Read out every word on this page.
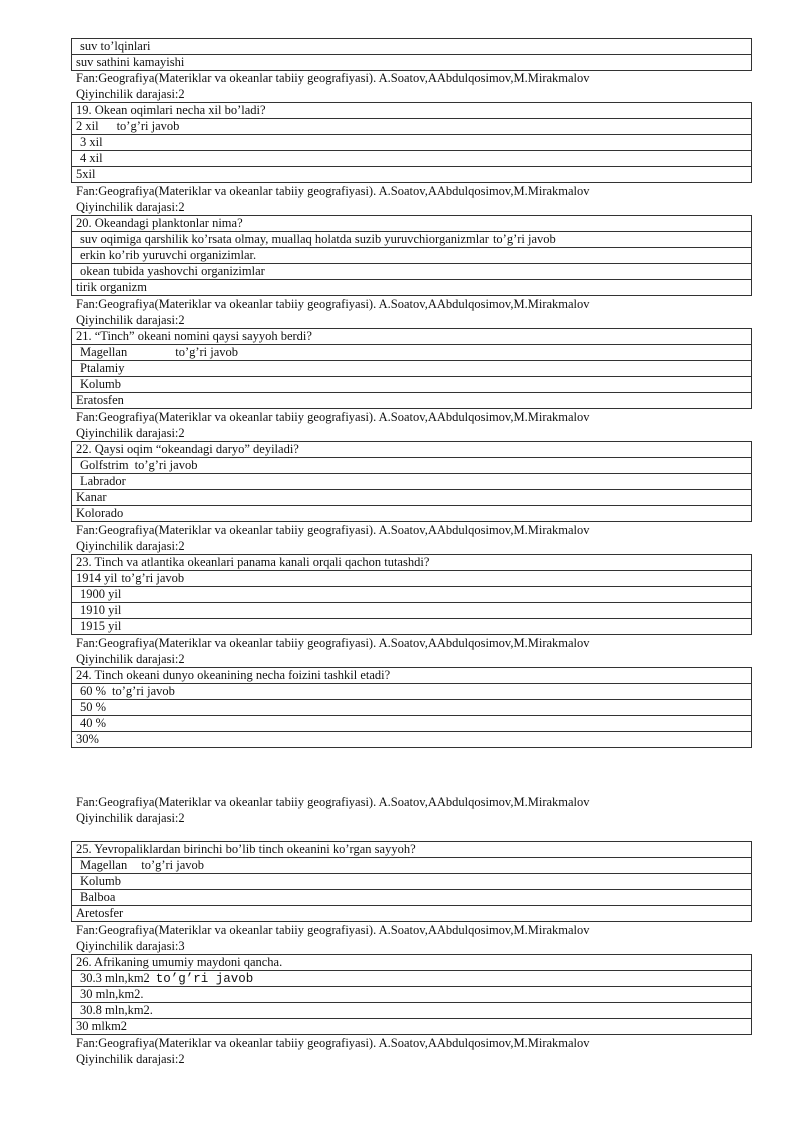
suv to’lqinlari
suv sathini kamayishi
Fan:Geografiya(Materiklar va okeanlar tabiiy geografiyasi). A.Soatov,AAbdulqosimov,M.Mirakmalov
Qiyinchilik darajasi:2
19. Okean oqimlari necha xil bo’ladi?
2 xil to’g’ri javob
3 xil
4 xil
5xil
Fan:Geografiya(Materiklar va okeanlar tabiiy geografiyasi). A.Soatov,AAbdulqosimov,M.Mirakmalov
Qiyinchilik darajasi:2
20. Okeandagi planktonlar nima?
suv oqimiga qarshilik ko’rsata olmay, muallaq holatda suzib yuruvchiorganizmlar to’g’ri javob
erkin ko’rib yuruvchi organizimlar.
okean tubida yashovchi organizimlar
tirik organizm
Fan:Geografiya(Materiklar va okeanlar tabiiy geografiyasi). A.Soatov,AAbdulqosimov,M.Mirakmalov
Qiyinchilik darajasi:2
21. “Tinch” okeani nomini qaysi sayyoh berdi?
Magellan	to’g’ri javob
Ptalamiy
Kolumb
Eratosfen
Fan:Geografiya(Materiklar va okeanlar tabiiy geografiyasi). A.Soatov,AAbdulqosimov,M.Mirakmalov
Qiyinchilik darajasi:2
22. Qaysi oqim “okeandagi daryo” deyiladi?
Golfstrim to’g’ri javob
Labrador
Kanar
Kolorado
Fan:Geografiya(Materiklar va okeanlar tabiiy geografiyasi). A.Soatov,AAbdulqosimov,M.Mirakmalov
Qiyinchilik darajasi:2
23. Tinch va atlantika okeanlari panama kanali orqali qachon tutashdi?
1914 yil to’g’ri javob
1900 yil
1910 yil
1915 yil
Fan:Geografiya(Materiklar va okeanlar tabiiy geografiyasi). A.Soatov,AAbdulqosimov,M.Mirakmalov
Qiyinchilik darajasi:2
24. Tinch okeani dunyo okeanining necha foizini tashkil etadi?
60 % to’g’ri javob
50 %
40 %
30%
Fan:Geografiya(Materiklar va okeanlar tabiiy geografiyasi). A.Soatov,AAbdulqosimov,M.Mirakmalov
Qiyinchilik darajasi:2
25. Yevropaliklardan birinchi bo’lib tinch okeanini ko’rgan sayyoh?
Magellan to’g’ri javob
Kolumb
Balboa
Aretosfer
Fan:Geografiya(Materiklar va okeanlar tabiiy geografiyasi). A.Soatov,AAbdulqosimov,M.Mirakmalov
Qiyinchilik darajasi:3
26. Afrikaning umumiy maydoni qancha.
30.3 mln,km2 to’g’ri javob
30 mln,km2.
30.8 mln,km2.
30 mlkm2
Fan:Geografiya(Materiklar va okeanlar tabiiy geografiyasi). A.Soatov,AAbdulqosimov,M.Mirakmalov
Qiyinchilik darajasi:2
